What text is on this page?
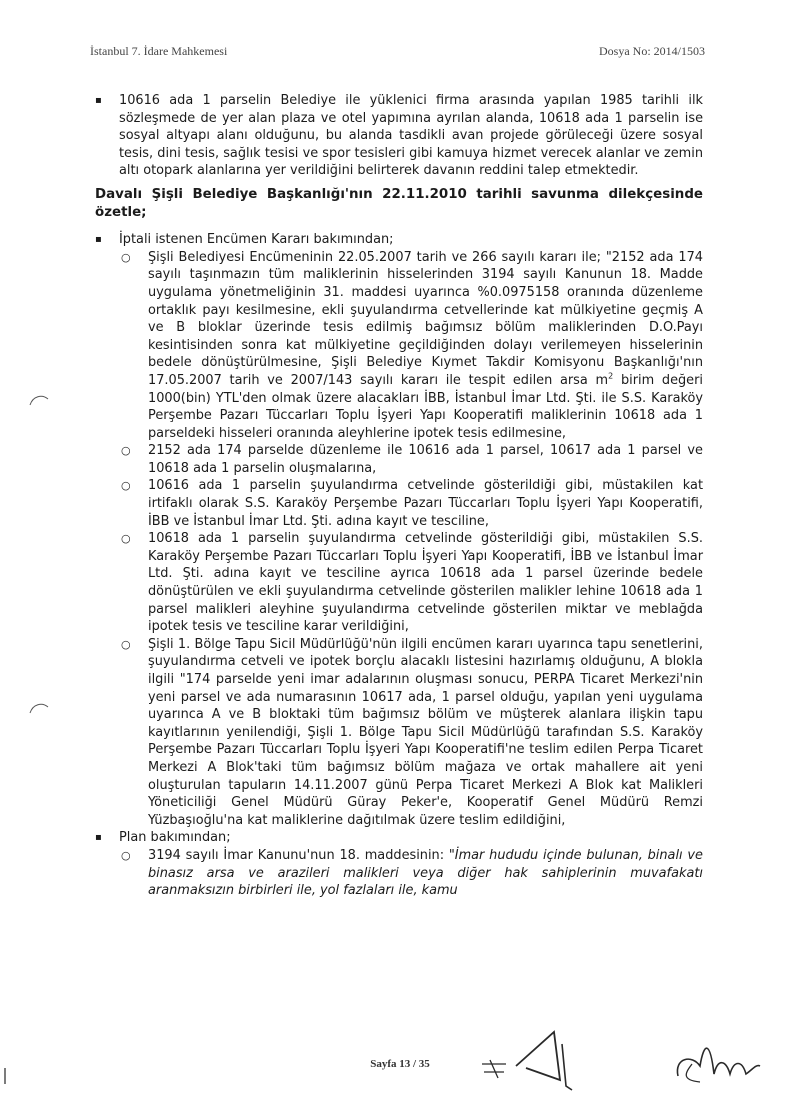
İstanbul 7. İdare Mahkemesi	Dosya No: 2014/1503

▪ 10616 ada 1 parselin Belediye ile yüklenici firma arasında yapılan 1985 tarihli ilk sözleşmede de yer alan plaza ve otel yapımına ayrılan alanda, 10618 ada 1 parselin ise sosyal altyapı alanı olduğunu, bu alanda tasdikli avan projede görüleceği üzere sosyal tesis, dini tesis, sağlık tesisi ve spor tesisleri gibi kamuya hizmet verecek alanlar ve zemin altı otopark alanlarına yer verildiğini belirterek davanın reddini talep etmektedir.

Davalı Şişli Belediye Başkanlığı'nın 22.11.2010 tarihli savunma dilekçesinde özetle;

▪ İptali istenen Encümen Kararı bakımından;

○ Şişli Belediyesi Encümeninin 22.05.2007 tarih ve 266 sayılı kararı ile; "2152 ada 174 sayılı taşınmazın tüm maliklerinin hisselerinden 3194 sayılı Kanunun 18. Madde uygulama yönetmeliğinin 31. maddesi uyarınca %0.0975158 oranında düzenleme ortaklık payı kesilmesine, ekli şuyulandırma cetvellerinde kat mülkiyetine geçmiş A ve B bloklar üzerinde tesis edilmiş bağımsız bölüm maliklerinden D.O.Payı kesintisinden sonra kat mülkiyetine geçildiğinden dolayı verilemeyen hisselerinin bedele dönüştürülmesine, Şişli Belediye Kıymet Takdir Komisyonu Başkanlığı'nın 17.05.2007 tarih ve 2007/143 sayılı kararı ile tespit edilen arsa $m^2$ birim değeri 1000(bin) YTL'den olmak üzere alacakları İBB, İstanbul İmar Ltd. Şti. ile S.S. Karaköy Perşembe Pazarı Tüccarları Toplu İşyeri Yapı Kooperatifi maliklerinin 10618 ada 1 parseldeki hisseleri oranında aleyhlerine ipotek tesis edilmesine,

○ 2152 ada 174 parselde düzenleme ile 10616 ada 1 parsel, 10617 ada 1 parsel ve 10618 ada 1 parselin oluşmalarına,

○ 10616 ada 1 parselin şuyulandırma cetvelinde gösterildiği gibi, müstakilen kat irtifaklı olarak S.S. Karaköy Perşembe Pazarı Tüccarları Toplu İşyeri Yapı Kooperatifi, İBB ve İstanbul İmar Ltd. Şti. adına kayıt ve tesciline,

○ 10618 ada 1 parselin şuyulandırma cetvelinde gösterildiği gibi, müstakilen S.S. Karaköy Perşembe Pazarı Tüccarları Toplu İşyeri Yapı Kooperatifi, İBB ve İstanbul İmar Ltd. Şti. adına kayıt ve tesciline ayrıca 10618 ada 1 parsel üzerinde bedele dönüştürülen ve ekli şuyulandırma cetvelinde gösterilen malikler lehine 10618 ada 1 parsel malikleri aleyhine şuyulandırma cetvelinde gösterilen miktar ve meblağda ipotek tesis ve tesciline karar verildiğini,

○ Şişli 1. Bölge Tapu Sicil Müdürlüğü'nün ilgili encümen kararı uyarınca tapu senetlerini, şuyulandırma cetveli ve ipotek borçlu alacaklı listesini hazırlamış olduğunu, A blokla ilgili "174 parselde yeni imar adalarının oluşması sonucu, PERPA Ticaret Merkezi'nin yeni parsel ve ada numarasının 10617 ada, 1 parsel olduğu, yapılan yeni uygulama uyarınca A ve B bloktaki tüm bağımsız bölüm ve müşterek alanlara ilişkin tapu kayıtlarının yenilendiği, Şişli 1. Bölge Tapu Sicil Müdürlüğü tarafından S.S. Karaköy Perşembe Pazarı Tüccarları Toplu İşyeri Yapı Kooperatifi'ne teslim edilen Perpa Ticaret Merkezi A Blok'taki tüm bağımsız bölüm mağaza ve ortak mahallere ait yeni oluşturulan tapuların 14.11.2007 günü Perpa Ticaret Merkezi A Blok kat Malikleri Yöneticiliği Genel Müdürü Güray Peker'e, Kooperatif Genel Müdürü Remzi Yüzbaşıoğlu'na kat maliklerine dağıtılmak üzere teslim edildiğini,

▪ Plan bakımından;

○ 3194 sayılı İmar Kanunu'nun 18. maddesinin: "İmar hududu içinde bulunan, binalı ve binasız arsa ve arazileri malikleri veya diğer hak sahiplerinin muvafakatı aranmaksızın birbirleri ile, yol fazlaları ile, kamu

Sayfa 13 / 35
